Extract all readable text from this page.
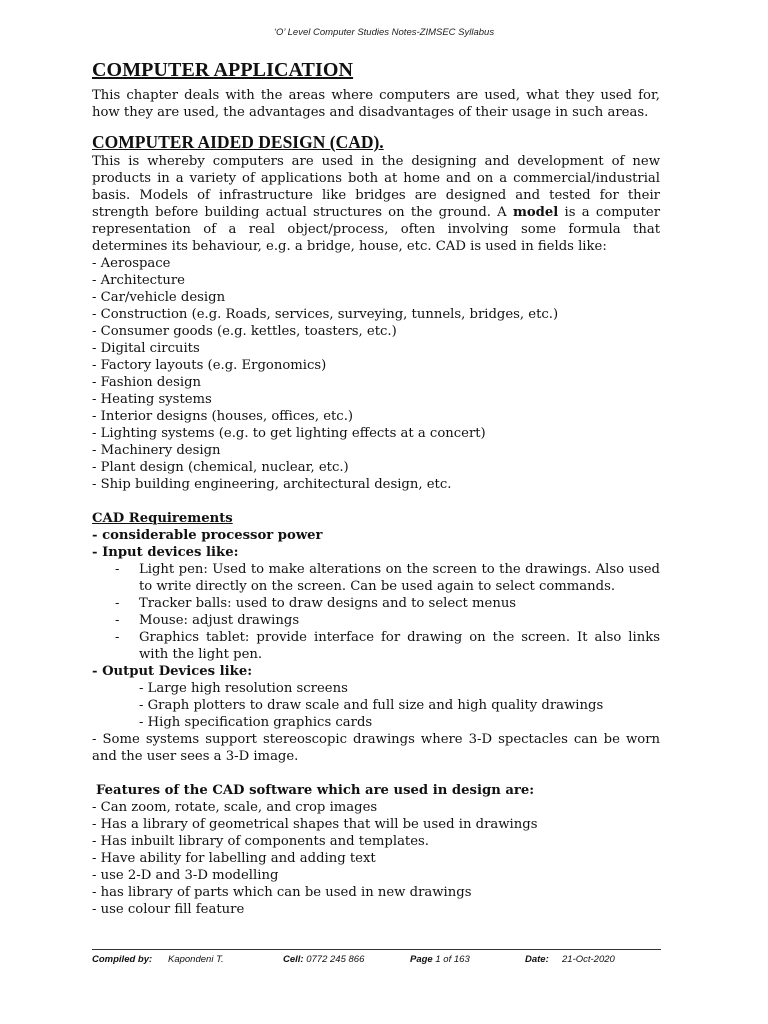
‘O’ Level Computer Studies Notes-ZIMSEC Syllabus
COMPUTER APPLICATION

This chapter deals with the areas where computers are used, what they used for, how they are used, the advantages and disadvantages of their usage in such areas.

COMPUTER AIDED DESIGN (CAD).

This is whereby computers are used in the designing and development of new products in a variety of applications both at home and on a commercial/industrial basis. Models of infrastructure like bridges are designed and tested for their strength before building actual structures on the ground. A model is a computer representation of a real object/process, often involving some formula that determines its behaviour, e.g. a bridge, house, etc. CAD is used in fields like:

- Aerospace
- Architecture
- Car/vehicle design
- Construction (e.g. Roads, services, surveying, tunnels, bridges, etc.)
- Consumer goods (e.g. kettles, toasters, etc.)
- Digital circuits
- Factory layouts (e.g. Ergonomics)
- Fashion design
- Heating systems
- Interior designs (houses, offices, etc.)
- Lighting systems (e.g. to get lighting effects at a concert)
- Machinery design
- Plant design (chemical, nuclear, etc.)
- Ship building engineering, architectural design, etc.
CAD Requirements
- considerable processor power
- Input devices like:
- Light pen: Used to make alterations on the screen to the drawings. Also used to write directly on the screen. Can be used again to select commands.
- Tracker balls: used to draw designs and to select menus
- Mouse: adjust drawings
- Graphics tablet: provide interface for drawing on the screen. It also links with the light pen.
- Output Devices like:
- Large high resolution screens
- Graph plotters to draw scale and full size and high quality drawings
- High specification graphics cards

- Some systems support stereoscopic drawings where 3-D spectacles can be worn and the user sees a 3-D image.

Features of the CAD software which are used in design are:
- Can zoom, rotate, scale, and crop images
- Has a library of geometrical shapes that will be used in drawings
- Has inbuilt library of components and templates.
- Have ability for labelling and adding text
- use 2-D and 3-D modelling
- has library of parts which can be used in new drawings
- use colour fill feature
Compiled by: Kapondeni T.	Cell: 0772 245 866	Page 1 of 163	Date: 21-Oct-2020
